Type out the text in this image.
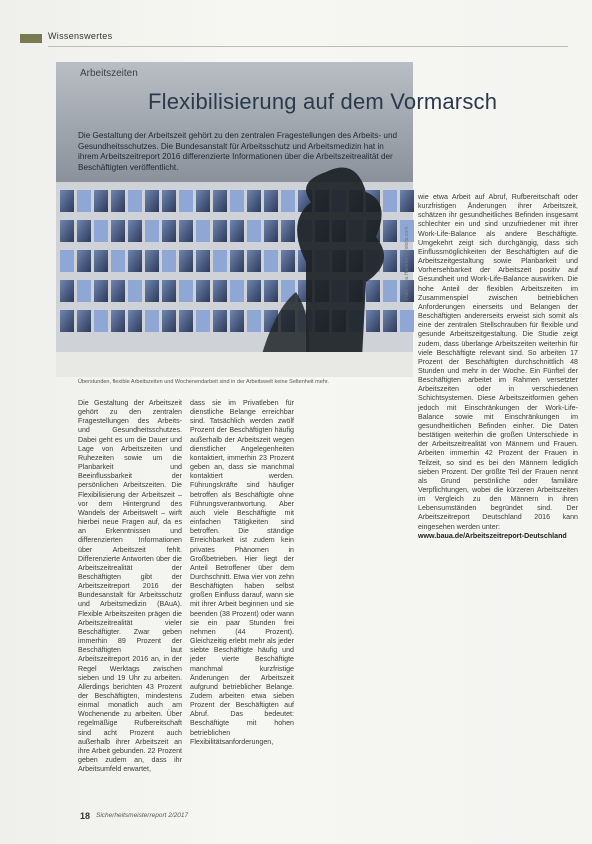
Wissenswertes
Arbeitszeiten
Flexibilisierung auf dem Vormarsch
Die Gestaltung der Arbeitszeit gehört zu den zentralen Fragestellungen des Arbeits- und Gesundheitsschutzes. Die Bundesanstalt für Arbeitsschutz und Arbeitsmedizin hat in ihrem Arbeitszeitreport 2016 differenzierte Informationen über die Arbeitszeitrealität der Beschäftigten veröffentlicht.
Foto: Olga Hammerl / fotolia.com
Überstunden, flexible Arbeitszeiten und Wochenendarbeit sind in der Arbeitswelt keine Seltenheit mehr.

Die Gestaltung der Arbeitszeit gehört zu den zentralen Fragestellungen des Arbeits- und Gesundheitsschutzes. Dabei geht es um die Dauer und Lage von Arbeitszeiten und Ruhezeiten sowie um die Planbarkeit und Beeinflussbarkeit der persönlichen Arbeitszeiten. Die Flexibilisierung der Arbeitszeit – vor dem Hintergrund des Wandels der Arbeitswelt – wirft hierbei neue Fragen auf, da es an Erkenntnissen und differenzierten Informationen über Arbeitszeit fehlt. Differenzierte Antworten über die Arbeitszeitrealität der Beschäftigten gibt der Arbeitszeitreport 2016 der Bundesanstalt für Arbeitsschutz und Arbeitsmedizin (BAuA). Flexible Arbeitszeiten prägen die Arbeitszeitrealität vieler Beschäftigter. Zwar geben immerhin 89 Prozent der Beschäftigten laut Arbeitszeitreport 2016 an, in der Regel Werktags zwischen sieben und 19 Uhr zu arbeiten. Allerdings berichten 43 Prozent der Beschäftigten, mindestens einmal monatlich auch am Wochenende zu arbeiten. Über regelmäßige Rufbereitschaft sind acht Prozent auch außerhalb ihrer Arbeitszeit an ihre Arbeit gebunden. 22 Prozent geben zudem an, dass ihr Arbeitsumfeld erwartet,

dass sie im Privatleben für dienstliche Belange erreichbar sind. Tatsächlich werden zwölf Prozent der Beschäftigten häufig außerhalb der Arbeitszeit wegen dienstlicher Angelegenheiten kontaktiert, immerhin 23 Prozent geben an, dass sie manchmal kontaktiert werden. Führungskräfte sind häufiger betroffen als Beschäftigte ohne Führungsverantwortung. Aber auch viele Beschäftigte mit einfachen Tätigkeiten sind betroffen. Die ständige Erreichbarkeit ist zudem kein privates Phänomen in Großbetrieben. Hier liegt der Anteil Betroffener über dem Durchschnitt. Etwa vier von zehn Beschäftigten haben selbst großen Einfluss darauf, wann sie mit ihrer Arbeit beginnen und sie beenden (38 Prozent) oder wann sie ein paar Stunden frei nehmen (44 Prozent). Gleichzeitig erlebt mehr als jeder siebte Beschäftigte häufig und jeder vierte Beschäftigte manchmal kurzfristige Änderungen der Arbeitszeit aufgrund betrieblicher Belange. Zudem arbeiten etwa sieben Prozent der Beschäftigten auf Abruf. Das bedeutet: Beschäftigte mit hohen betrieblichen Flexibilitätsanforderungen,

wie etwa Arbeit auf Abruf, Rufbereitschaft oder kurzfristigen Änderungen ihrer Arbeitszeit, schätzen ihr gesundheitliches Befinden insgesamt schlechter ein und sind unzufriedener mit ihrer Work-Life-Balance als andere Beschäftigte. Umgekehrt zeigt sich durchgängig, dass sich Einflussmöglichkeiten der Beschäftigten auf die Arbeitszeitgestaltung sowie Planbarkeit und Vorhersehbarkeit der Arbeitszeit positiv auf Gesundheit und Work-Life-Balance auswirken. Die hohe Anteil der flexiblen Arbeitszeiten im Zusammenspiel zwischen betrieblichen Anforderungen einerseits und Belangen der Beschäftigten andererseits erweist sich somit als eine der zentralen Stellschrauben für flexible und gesunde Arbeitszeitgestaltung. Die Studie zeigt zudem, dass überlange Arbeitszeiten weiterhin für viele Beschäftigte relevant sind. So arbeiten 17 Prozent der Beschäftigten durchschnittlich 48 Stunden und mehr in der Woche. Ein Fünftel der Beschäftigten arbeitet im Rahmen versetzter Arbeitszeiten oder in verschiedenen Schichtsystemen. Diese Arbeitszeitformen gehen jedoch mit Einschränkungen der Work-Life-Balance sowie mit Einschränkungen im gesundheitlichen Befinden einher. Die Daten bestätigen weiterhin die großen Unterschiede in der Arbeitszeitrealität von Männern und Frauen. Arbeiten immerhin 42 Prozent der Frauen in Teilzeit, so sind es bei den Männern lediglich sieben Prozent. Der größte Teil der Frauen nennt als Grund persönliche oder familiäre Verpflichtungen, wobei die kürzeren Arbeitszeiten im Vergleich zu den Männern in ihren Lebensumständen begründet sind. Der Arbeitszeitreport Deutschland 2016 kann eingesehen werden unter:

www.baua.de/Arbeitszeitreport-Deutschland

18 Sicherheitsmeisterreport 2/2017
